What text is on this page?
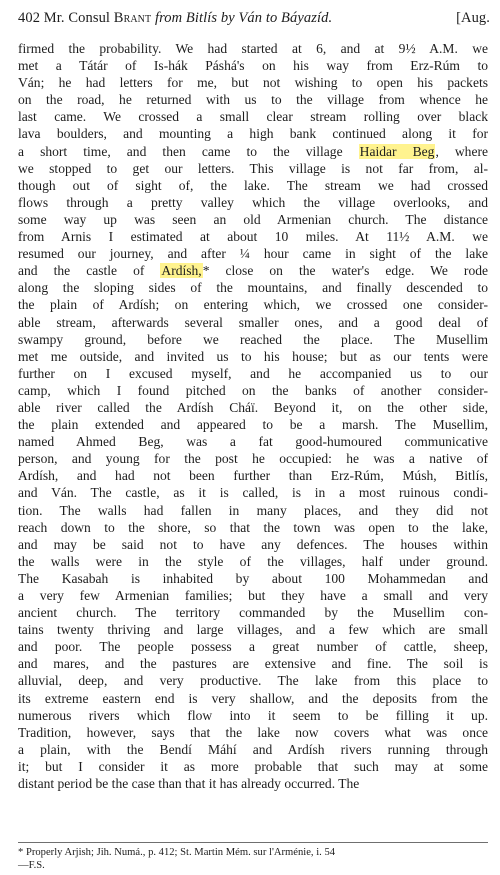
402 Mr. Consul Brant from Bitlís by Ván to Báyazíd.	[Aug.
firmed the probability. We had started at 6, and at 9½ A.M. we
met a Tátár of Is-hák Páshá's on his way from Erz-Rúm to
Ván; he had letters for me, but not wishing to open his packets
on the road, he returned with us to the village from whence he
last came. We crossed a small clear stream rolling over black
lava boulders, and mounting a high bank continued along it for
a short time, and then came to the village Haidar Beg, where
we stopped to get our letters. This village is not far from, al-
though out of sight of, the lake. The stream we had crossed
flows through a pretty valley which the village overlooks, and
some way up was seen an old Armenian church. The distance
from Arnis I estimated at about 10 miles. At 11½ A.M. we
resumed our journey, and after ¼ hour came in sight of the lake
and the castle of Ardísh,* close on the water's edge. We rode
along the sloping sides of the mountains, and finally descended to
the plain of Ardísh; on entering which, we crossed one consider-
able stream, afterwards several smaller ones, and a good deal of
swampy ground, before we reached the place. The Musellim
met me outside, and invited us to his house; but as our tents were
further on I excused myself, and he accompanied us to our
camp, which I found pitched on the banks of another consider-
able river called the Ardísh Cháï. Beyond it, on the other side,
the plain extended and appeared to be a marsh. The Musellim,
named Ahmed Beg, was a fat good-humoured communicative
person, and young for the post he occupied: he was a native of
Ardísh, and had not been further than Erz-Rúm, Músh, Bitlís,
and Ván. The castle, as it is called, is in a most ruinous condi-
tion. The walls had fallen in many places, and they did not
reach down to the shore, so that the town was open to the lake,
and may be said not to have any defences. The houses within
the walls were in the style of the villages, half under ground.
The Kasabah is inhabited by about 100 Mohammedan and
a very few Armenian families; but they have a small and very
ancient church. The territory commanded by the Musellim con-
tains twenty thriving and large villages, and a few which are small
and poor. The people possess a great number of cattle, sheep,
and mares, and the pastures are extensive and fine. The soil is
alluvial, deep, and very productive. The lake from this place to
its extreme eastern end is very shallow, and the deposits from the
numerous rivers which flow into it seem to be filling it up.
Tradition, however, says that the lake now covers what was once
a plain, with the Bendí Máhí and Ardísh rivers running through
it; but I consider it as more probable that such may at some
distant period be the case than that it has already occurred. The
* Properly Arjish; Jih. Numá., p. 412; St. Martin Mém. sur l'Arménie, i. 54
—F.S.
